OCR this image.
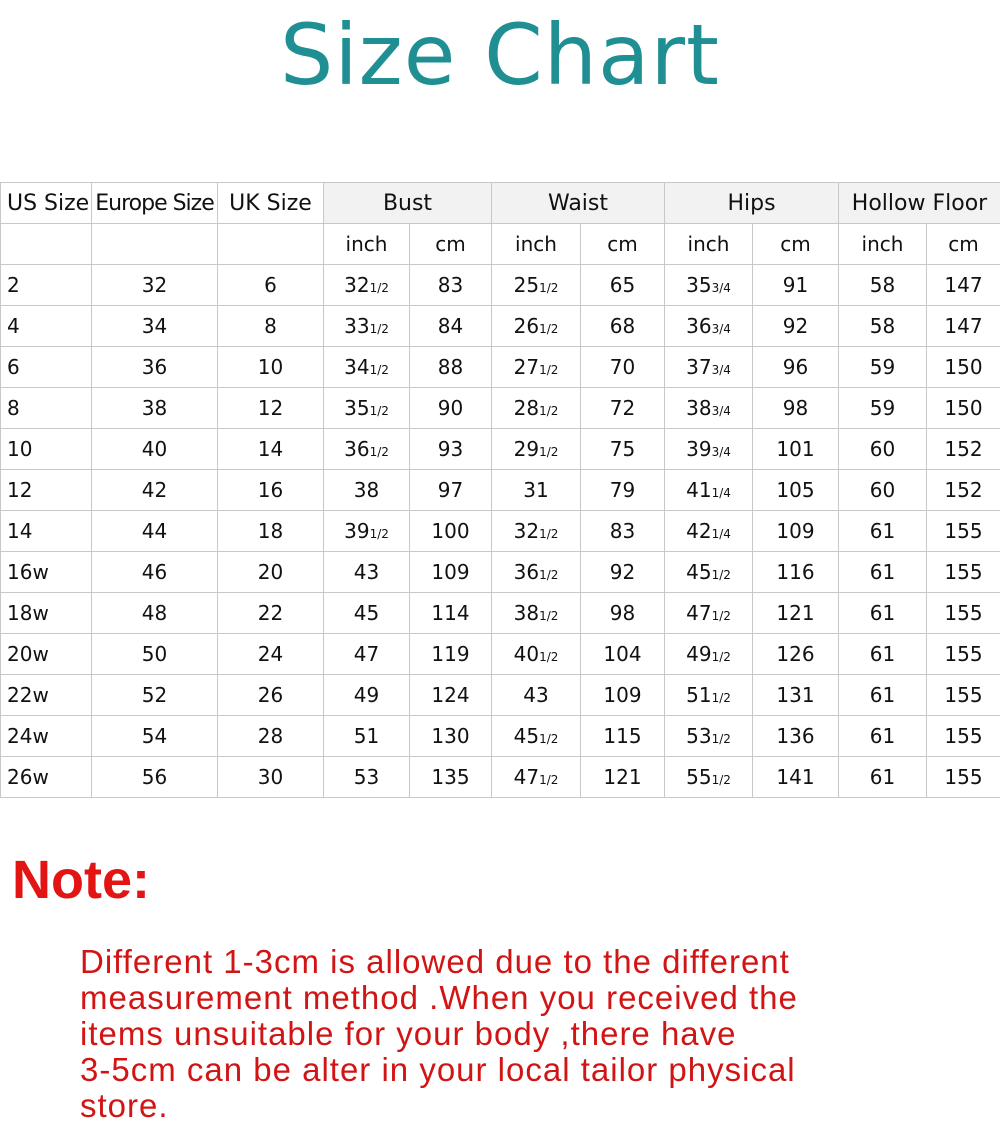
Size Chart
US Size	Europe Size	UK Size	Bust		Waist		Hips		Hollow Floor	
			inch	cm	inch	cm	inch	cm	inch	cm
2	32	6	321/2	83	251/2	65	353/4	91	58	147
4	34	8	331/2	84	261/2	68	363/4	92	58	147
6	36	10	341/2	88	271/2	70	373/4	96	59	150
8	38	12	351/2	90	281/2	72	383/4	98	59	150
10	40	14	361/2	93	291/2	75	393/4	101	60	152
12	42	16	38	97	31	79	411/4	105	60	152
14	44	18	391/2	100	321/2	83	421/4	109	61	155
16w	46	20	43	109	361/2	92	451/2	116	61	155
18w	48	22	45	114	381/2	98	471/2	121	61	155
20w	50	24	47	119	401/2	104	491/2	126	61	155
22w	52	26	49	124	43	109	511/2	131	61	155
24w	54	28	51	130	451/2	115	531/2	136	61	155
26w	56	30	53	135	471/2	121	551/2	141	61	155
Note:
Different 1-3cm is allowed due to the different
measurement method .When you received the
items unsuitable for your body ,there have
3-5cm can be alter in your local tailor physical
store.
